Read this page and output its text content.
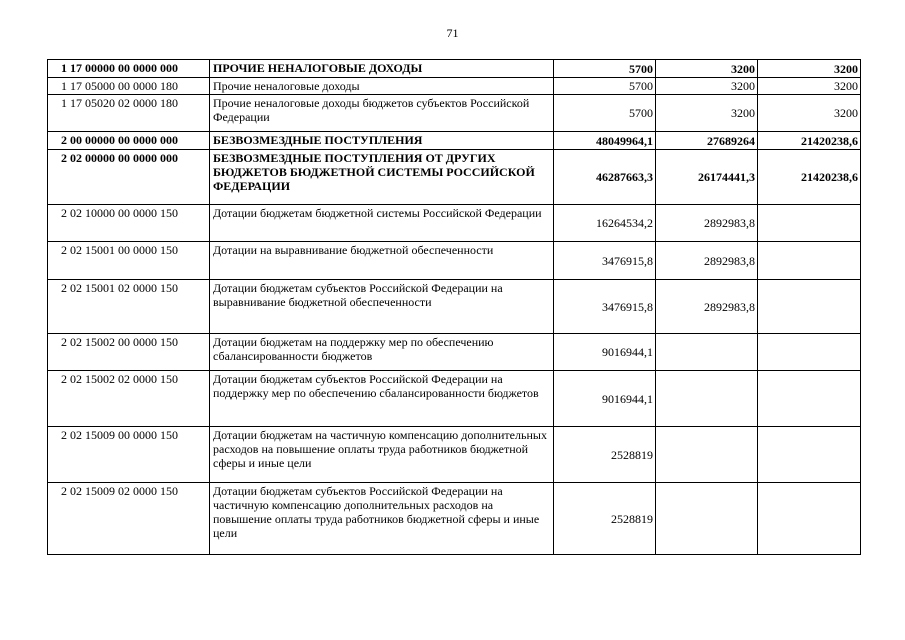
71
1 17 00000 00 0000 000	ПРОЧИЕ НЕНАЛОГОВЫЕ ДОХОДЫ	5700	3200	3200
1 17 05000 00 0000 180	Прочие неналоговые доходы	5700	3200	3200
1 17 05020 02 0000 180	Прочие неналоговые доходы бюджетов субъектов Российской Федерации	5700	3200	3200
2 00 00000 00 0000 000	БЕЗВОЗМЕЗДНЫЕ ПОСТУПЛЕНИЯ	48049964,1	27689264	21420238,6
2 02 00000 00 0000 000	БЕЗВОЗМЕЗДНЫЕ ПОСТУПЛЕНИЯ ОТ ДРУГИХ БЮДЖЕТОВ БЮДЖЕТНОЙ СИСТЕМЫ РОССИЙСКОЙ ФЕДЕРАЦИИ	46287663,3	26174441,3	21420238,6
2 02 10000 00 0000 150	Дотации бюджетам бюджетной системы Российской Федерации	16264534,2	2892983,8	
2 02 15001 00 0000 150	Дотации на выравнивание бюджетной обеспеченности	3476915,8	2892983,8	
2 02 15001 02 0000 150	Дотации бюджетам субъектов Российской Федерации на выравнивание бюджетной обеспеченности	3476915,8	2892983,8	
2 02 15002 00 0000 150	Дотации бюджетам на поддержку мер по обеспечению сбалансированности бюджетов	9016944,1		
2 02 15002 02 0000 150	Дотации бюджетам субъектов Российской Федерации на поддержку мер по обеспечению сбалансированности бюджетов	9016944,1		
2 02 15009 00 0000 150	Дотации бюджетам на частичную компенсацию дополнительных расходов на повышение оплаты труда работников бюджетной сферы и иные цели	2528819		
2 02 15009 02 0000 150	Дотации бюджетам субъектов Российской Федерации на частичную компенсацию дополнительных расходов на повышение оплаты труда работников бюджетной сферы и иные цели	2528819		
